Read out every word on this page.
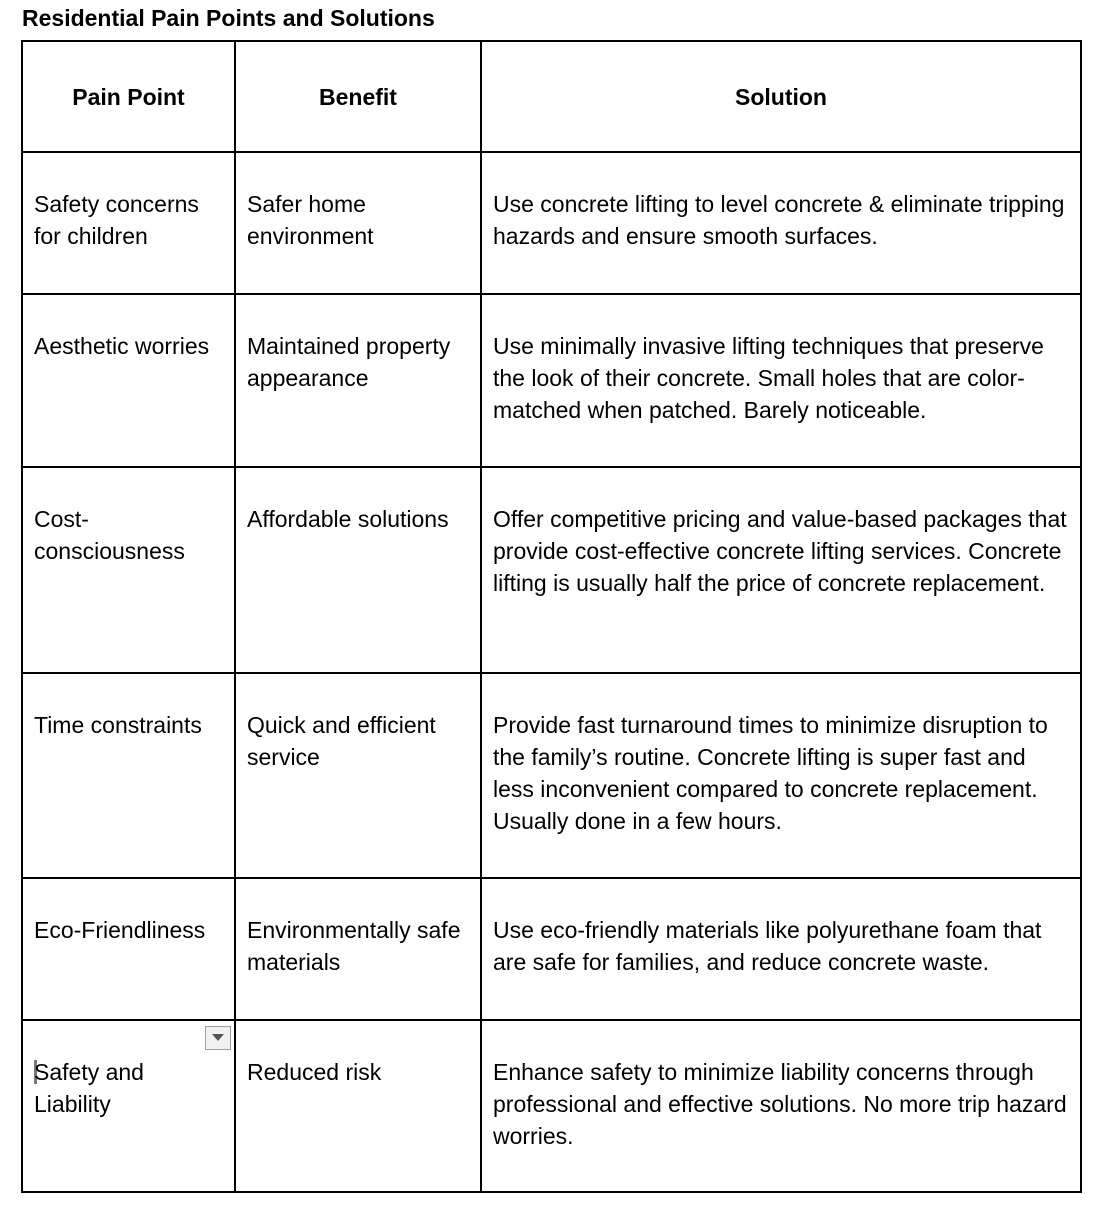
Residential Pain Points and Solutions
Pain Point	Benefit	Solution
Safety concerns for children	Safer home environment	Use concrete lifting to level concrete & eliminate tripping hazards and ensure smooth surfaces.
Aesthetic worries	Maintained property appearance	Use minimally invasive lifting techniques that preserve the look of their concrete. Small holes that are color-matched when patched. Barely noticeable.
Cost-consciousness	Affordable solutions	Offer competitive pricing and value-based packages that provide cost-effective concrete lifting services. Concrete lifting is usually half the price of concrete replacement.
Time constraints	Quick and efficient service	Provide fast turnaround times to minimize disruption to the family’s routine. Concrete lifting is super fast and less inconvenient compared to concrete replacement. Usually done in a few hours.
Eco-Friendliness	Environmentally safe materials	Use eco-friendly materials like polyurethane foam that are safe for families, and reduce concrete waste.

Safety and Liability	Reduced risk	Enhance safety to minimize liability concerns through professional and effective solutions. No more trip hazard worries.
